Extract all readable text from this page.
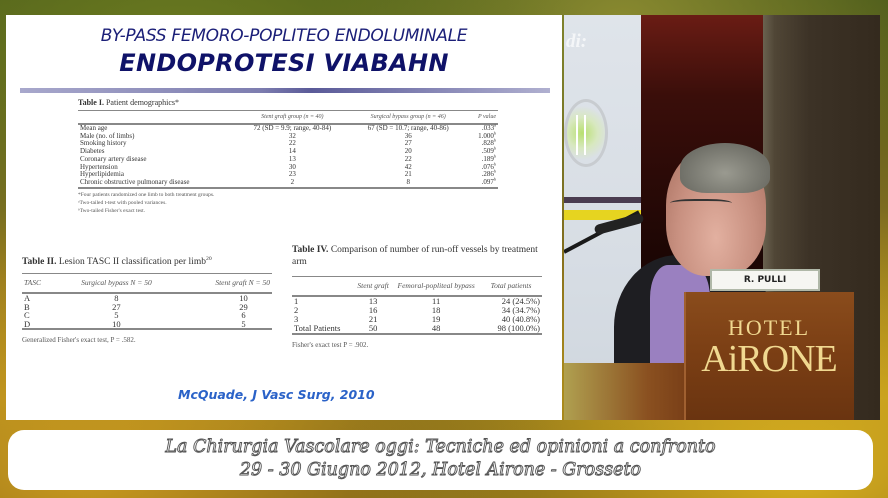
BY-PASS FEMORO-POPLITEO ENDOLUMINALE
ENDOPROTESI VIABAHN
Table I. Patient demographics*
	Stent graft group (n = 40)	Surgical bypass group (n = 46)	P value
Mean age	72 (SD = 9.9; range, 40-84)	67 (SD = 10.7; range, 40-86)	.033$^a$
Male (no. of limbs)	32	36	1.000$^b$
Smoking history	22	27	.828$^b$
Diabetes	14	20	.509$^b$
Coronary artery disease	13	22	.189$^b$
Hypertension	30	42	.076$^b$
Hyperlipidemia	23	21	.286$^b$
Chronic obstructive pulmonary disease	2	8	.097$^b$

*Four patients randomized one limb to both treatment groups.
ᵃTwo-tailed t-test with pooled variances.
ᵇTwo-tailed Fisher's exact test.
Table II. Lesion TASC II classification per limb$^{20}$
TASC	Surgical bypass N = 50	Stent graft N = 50
A	8	10
B	27	29
C	5	6
D	10	5

Generalized Fisher's exact test, P = .582.
Table IV. Comparison of number of run-off vessels by treatment arm
	Stent graft	Femoral-popliteal bypass	Total patients
1	13	11	24 (24.5%)
2	16	18	34 (34.7%)
3	21	19	40 (40.8%)
Total Patients	50	48	98 (100.0%)

Fisher's exact test P = .902.
McQuade, J Vasc Surg, 2010
di:
R. PULLI
HOTEL
AiRONE
La Chirurgia Vascolare oggi: Tecniche ed opinioni a confronto
29 - 30 Giugno 2012, Hotel Airone - Grosseto
